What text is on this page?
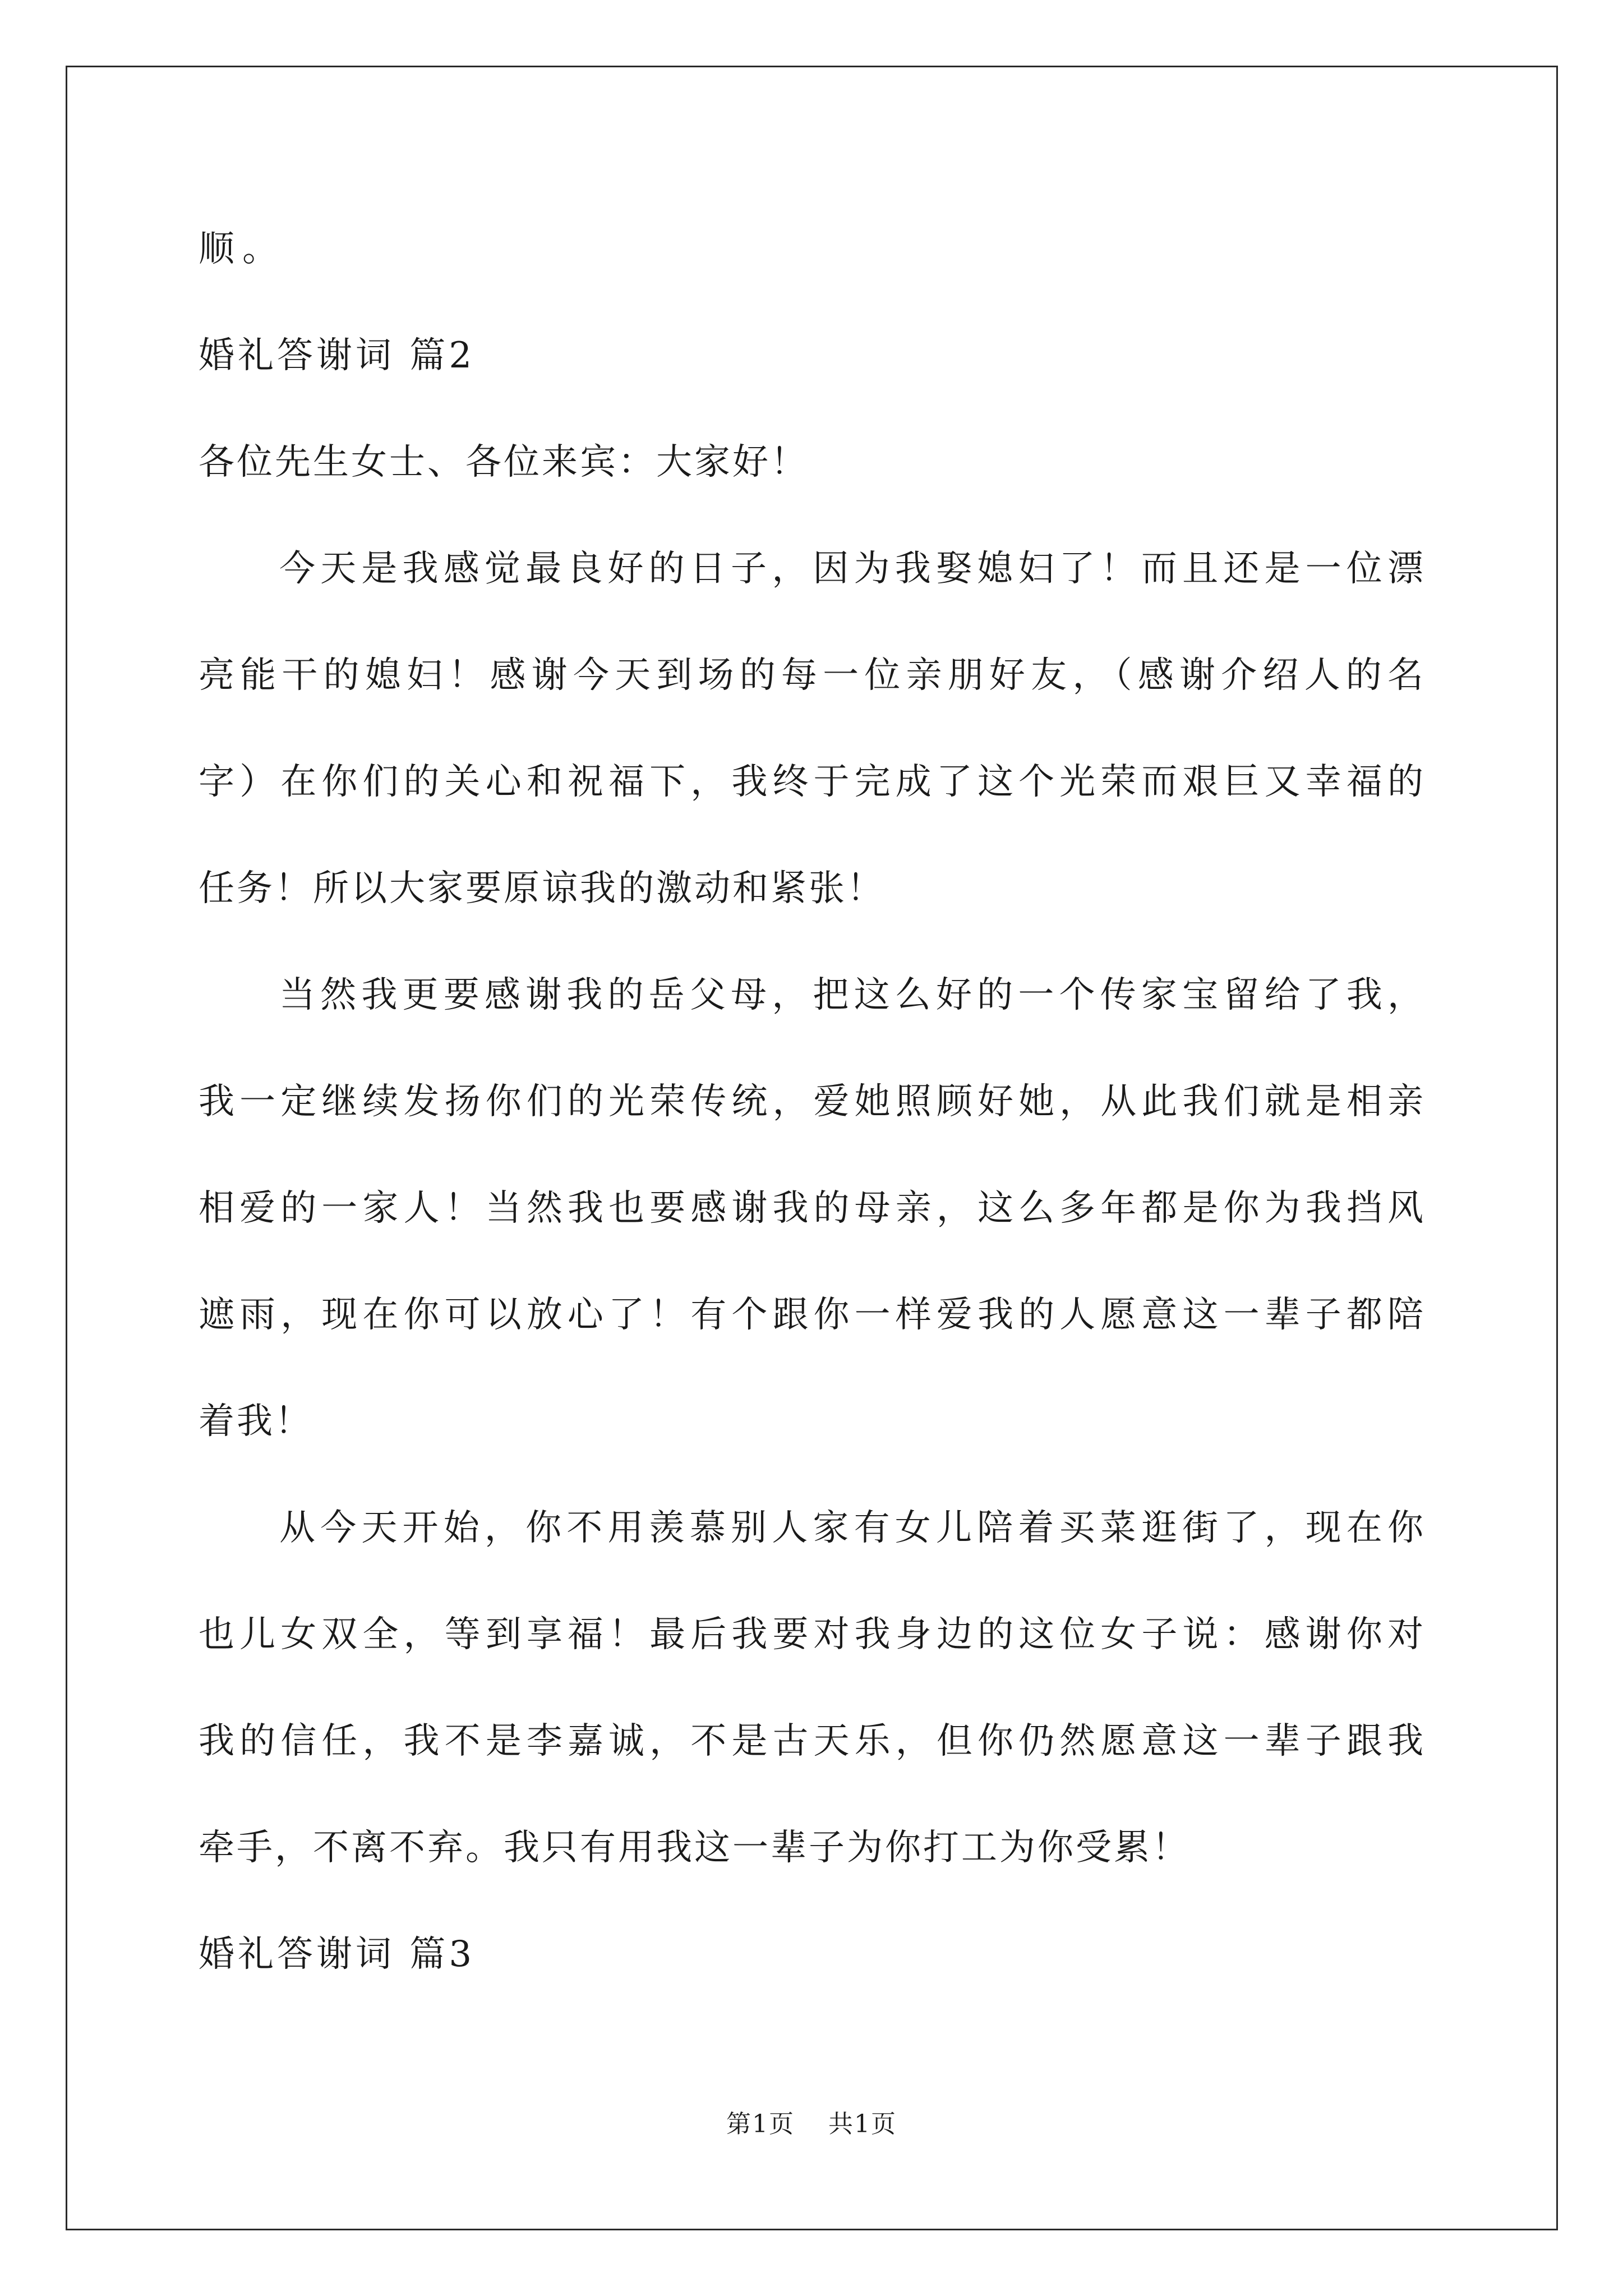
顺。
婚礼答谢词 篇2
各位先生女士、各位来宾：大家好！
今天是我感觉最良好的日子，因为我娶媳妇了！而且还是一位漂
亮能干的媳妇！感谢今天到场的每一位亲朋好友，（感谢介绍人的名
字）在你们的关心和祝福下，我终于完成了这个光荣而艰巨又幸福的
任务！所以大家要原谅我的激动和紧张！
当然我更要感谢我的岳父母，把这么好的一个传家宝留给了我，
我一定继续发扬你们的光荣传统，爱她照顾好她，从此我们就是相亲
相爱的一家人！当然我也要感谢我的母亲，这么多年都是你为我挡风
遮雨，现在你可以放心了！有个跟你一样爱我的人愿意这一辈子都陪
着我！
从今天开始，你不用羡慕别人家有女儿陪着买菜逛街了，现在你
也儿女双全，等到享福！最后我要对我身边的这位女子说：感谢你对
我的信任，我不是李嘉诚，不是古天乐，但你仍然愿意这一辈子跟我
牵手，不离不弃。我只有用我这一辈子为你打工为你受累！
婚礼答谢词 篇3
第1页 共1页
